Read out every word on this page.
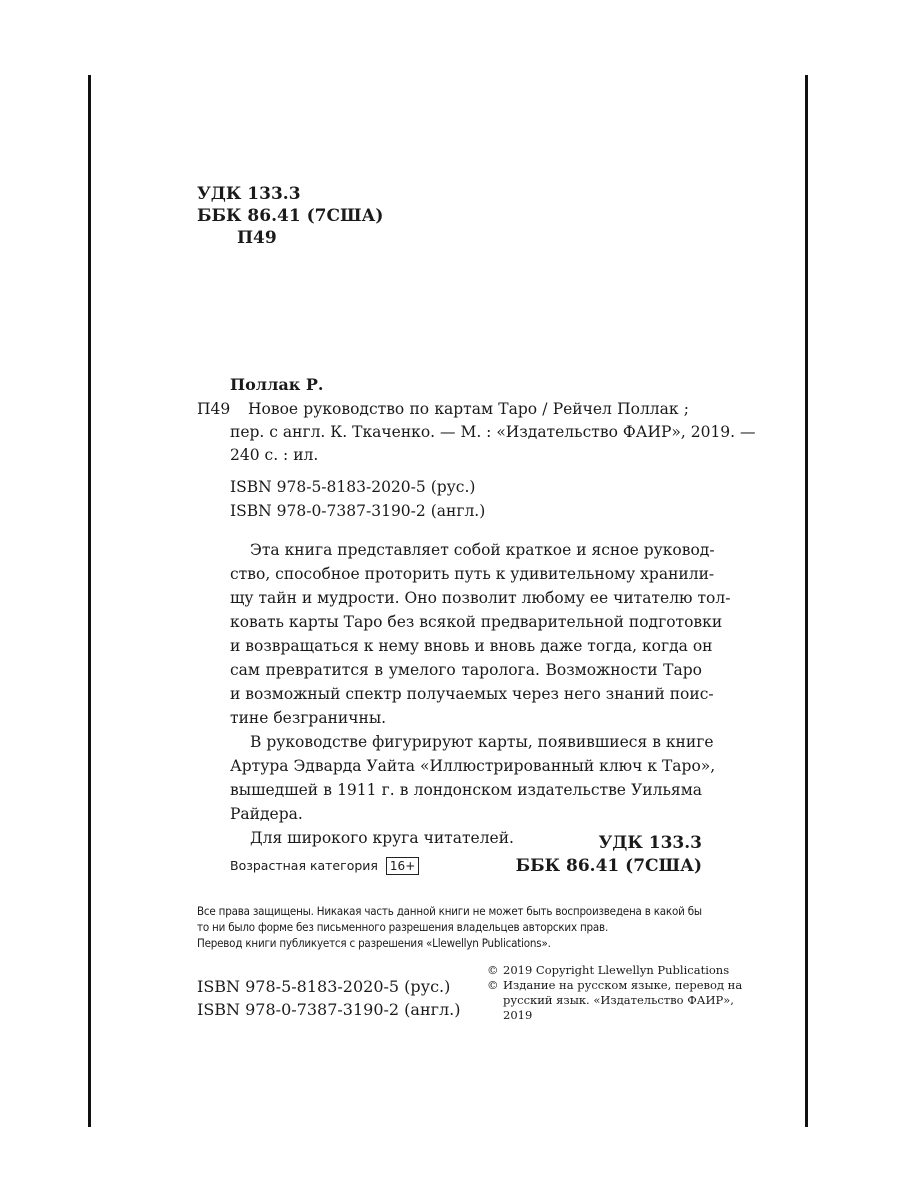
УДК 133.3
ББК 86.41 (7США)
П49
Поллак Р.
П49 Новое руководство по картам Таро / Рейчел Поллак ;
пер. с англ. К. Ткаченко. — М. : «Издательство ФАИР», 2019. —
240 с. : ил.
ISBN 978-5-8183-2020-5 (рус.)
ISBN 978-0-7387-3190-2 (англ.)
Эта книга представляет собой краткое и ясное руковод-
ство, способное проторить путь к удивительному хранили-
щу тайн и мудрости. Оно позволит любому ее читателю тол-
ковать карты Таро без всякой предварительной подготовки
и возвращаться к нему вновь и вновь даже тогда, когда он
сам превратится в умелого таролога. Возможности Таро
и возможный спектр получаемых через него знаний поис-
тине безграничны.
В руководстве фигурируют карты, появившиеся в книге
Артура Эдварда Уайта «Иллюстрированный ключ к Таро»,
вышедшей в 1911 г. в лондонском издательстве Уильяма
Райдера.
Для широкого круга читателей.
Возрастная категория 16+
УДК 133.3
ББК 86.41 (7США)
Все права защищены. Никакая часть данной книги не может быть воспроизведена в какой бы
то ни было форме без письменного разрешения владельцев авторских прав.
Перевод книги публикуется с разрешения «Llewellyn Publications».
ISBN 978-5-8183-2020-5 (рус.)
ISBN 978-0-7387-3190-2 (англ.)
© 2019 Copyright Llewellyn Publications
© Издание на русском языке, перевод на
русский язык. «Издательство ФАИР»,
2019
